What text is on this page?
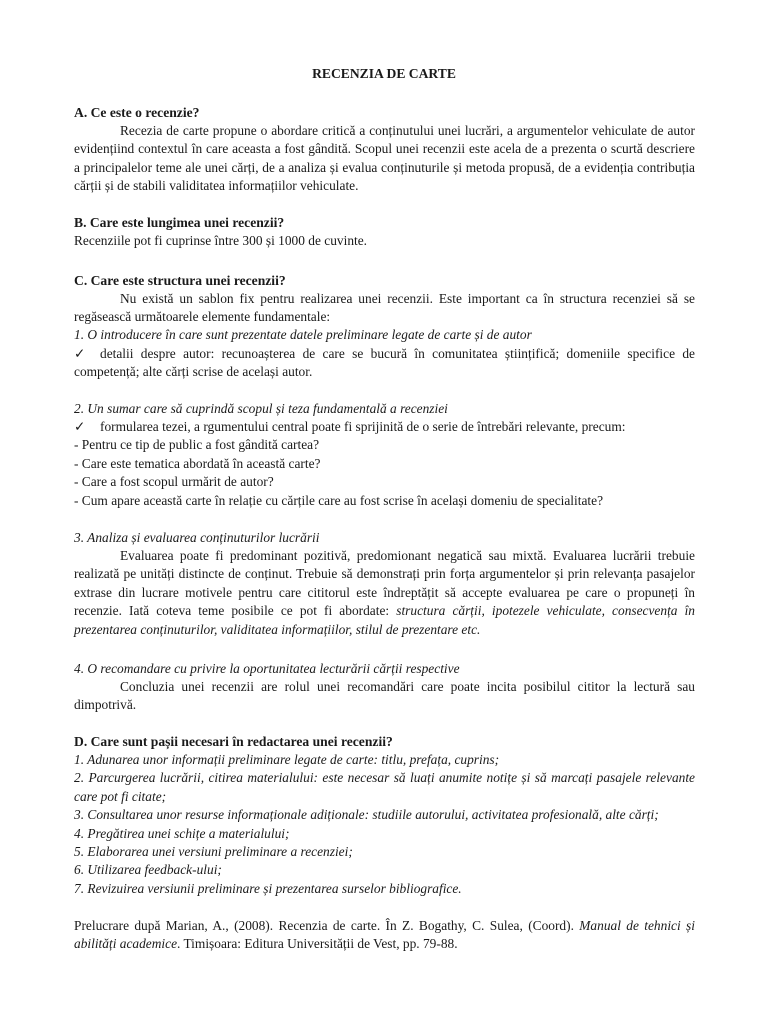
RECENZIA DE CARTE
A. Ce este o recenzie?

Recezia de carte propune o abordare critică a conținutului unei lucrări, a argumentelor vehiculate de autor evidențiind contextul în care aceasta a fost gândită. Scopul unei recenzii este acela de a prezenta o scurtă descriere a principalelor teme ale unei cărți, de a analiza și evalua conținuturile și metoda propusă, de a evidenția contribuția cărții și de stabili validitatea informațiilor vehiculate.

B. Care este lungimea unei recenzii?

Recenziile pot fi cuprinse între 300 și 1000 de cuvinte.

C. Care este structura unei recenzii?

Nu există un sablon fix pentru realizarea unei recenzii. Este important ca în structura recenziei să se regăsească următoarele elemente fundamentale:

1. O introducere în care sunt prezentate datele preliminare legate de carte și de autor

✓ detalii despre autor: recunoașterea de care se bucură în comunitatea științifică; domeniile specifice de competență; alte cărți scrise de același autor.

2. Un sumar care să cuprindă scopul și teza fundamentală a recenziei

✓ formularea tezei, a rgumentului central poate fi sprijinită de o serie de întrebări relevante, precum:
- Pentru ce tip de public a fost gândită cartea?
- Care este tematica abordată în această carte?
- Care a fost scopul urmărit de autor?
- Cum apare această carte în relație cu cărțile care au fost scrise în același domeniu de specialitate?

3. Analiza și evaluarea conținuturilor lucrării

Evaluarea poate fi predominant pozitivă, predomionant negatică sau mixtă. Evaluarea lucrării trebuie realizată pe unități distincte de conținut. Trebuie să demonstrați prin forța argumentelor și prin relevanța pasajelor extrase din lucrare motivele pentru care cititorul este îndreptățit să accepte evaluarea pe care o propuneți în recenzie. Iată coteva teme posibile ce pot fi abordate: structura cărții, ipotezele vehiculate, consecvența în prezentarea conținuturilor, validitatea informațiilor, stilul de prezentare etc.

4. O recomandare cu privire la oportunitatea lecturării cărții respective

Concluzia unei recenzii are rolul unei recomandări care poate incita posibilul cititor la lectură sau dimpotrivă.

D. Care sunt pașii necesari în redactarea unei recenzii?
1. Adunarea unor informații preliminare legate de carte: titlu, prefața, cuprins;
2. Parcurgerea lucrării, citirea materialului: este necesar să luați anumite notițe și să marcați pasajele relevante care pot fi citate;
3. Consultarea unor resurse informaționale adiționale: studiile autorului, activitatea profesională, alte cărți;
4. Pregătirea unei schițe a materialului;
5. Elaborarea unei versiuni preliminare a recenziei;
6. Utilizarea feedback-ului;
7. Revizuirea versiunii preliminare și prezentarea surselor bibliografice.

Prelucrare după Marian, A., (2008). Recenzia de carte. În Z. Bogathy, C. Sulea, (Coord). Manual de tehnici și abilități academice. Timișoara: Editura Universității de Vest, pp. 79-88.
